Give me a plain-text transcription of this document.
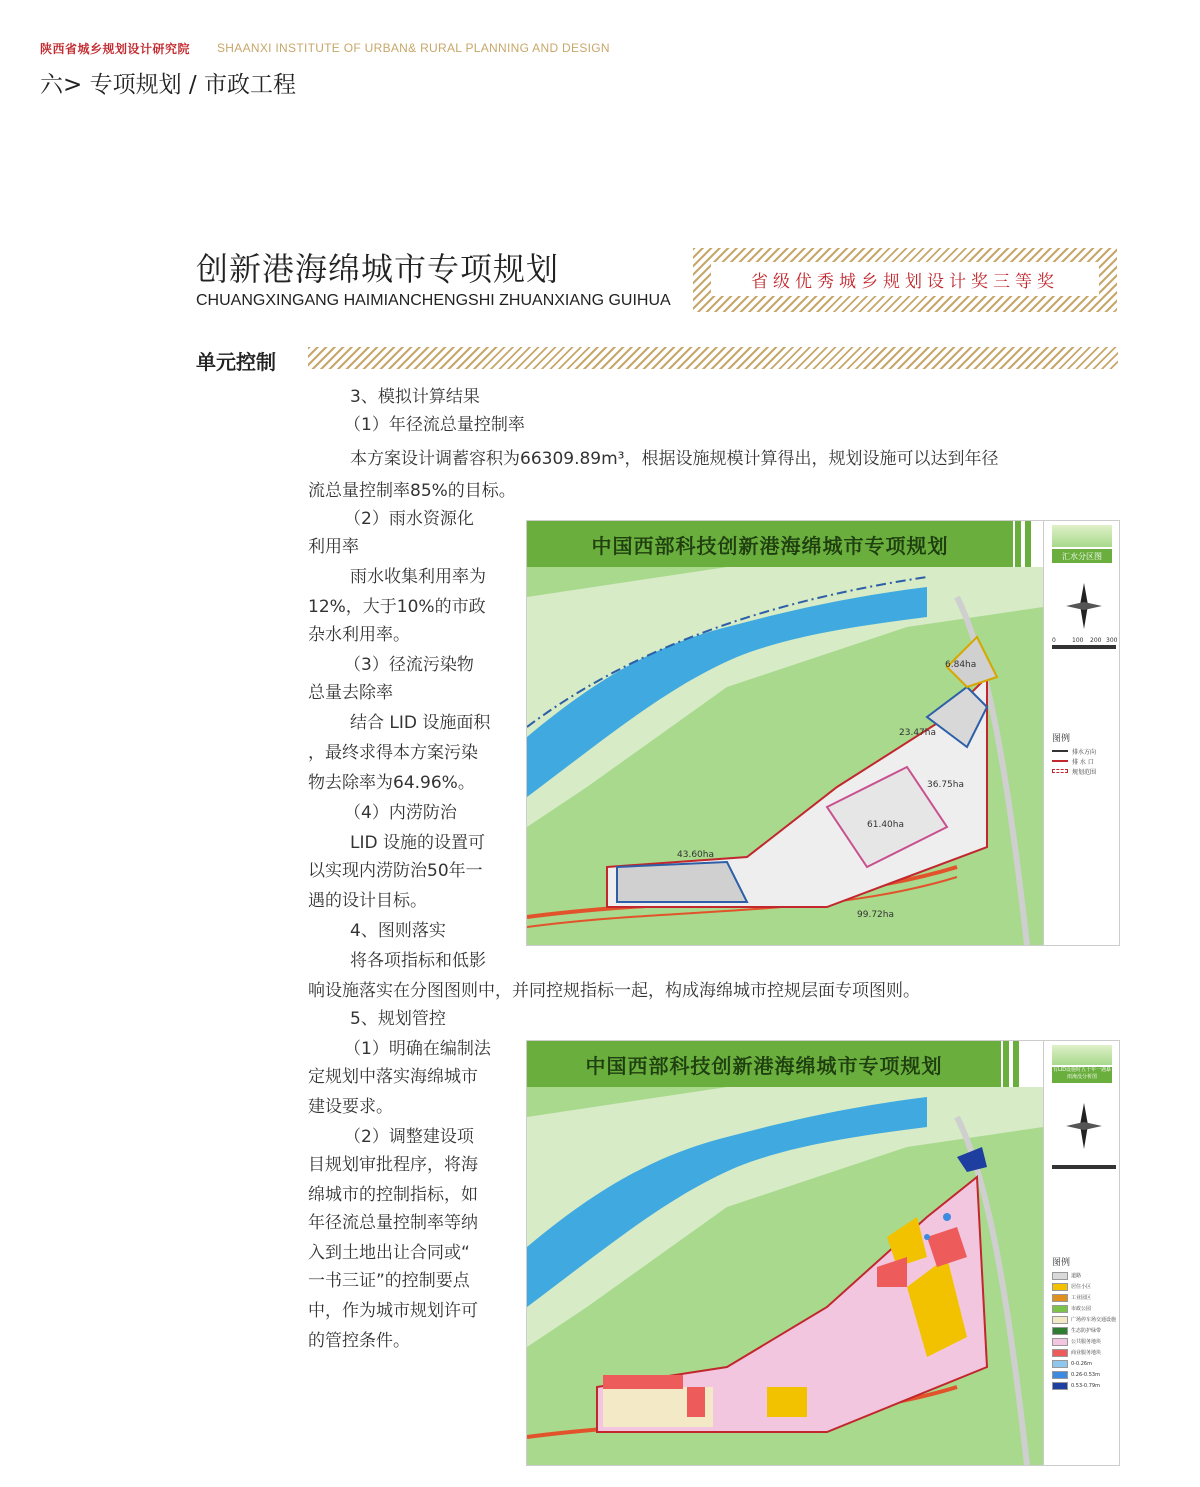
陕西省城乡规划设计研究院 SHAANXI INSTITUTE OF URBAN& RURAL PLANNING AND DESIGN
六> 专项规划 / 市政工程
创新港海绵城市专项规划
CHUANGXINGANG HAIMIANCHENGSHI ZHUANXIANG GUIHUA
省级优秀城乡规划设计奖三等奖
单元控制
3、模拟计算结果
（1）年径流总量控制率
本方案设计调蓄容积为66309.89m³，根据设施规模计算得出，规划设施可以达到年径
流总量控制率85%的目标。
（2）雨水资源化
利用率
雨水收集利用率为
12%，大于10%的市政
杂水利用率。
（3）径流污染物
总量去除率
结合 LID 设施面积
，最终求得本方案污染
物去除率为64.96%。
（4）内涝防治
LID 设施的设置可
以实现内涝防治50年一
遇的设计目标。
4、图则落实
将各项指标和低影
响设施落实在分图图则中，并同控规指标一起，构成海绵城市控规层面专项图则。
5、规划管控
（1）明确在编制法
定规划中落实海绵城市
建设要求。
（2）调整建设项
目规划审批程序，将海
绵城市的控制指标，如
年径流总量控制率等纳
入到土地出让合同或“
一书三证”的控制要点
中，作为城市规划许可
的管控条件。
中国西部科技创新港海绵城市专项规划
43.60ha
99.72ha
61.40ha
36.75ha
23.47ha
6.84ha
汇水分区图
0	100 200 300
图例
排水方向
排 水 口
规划范围
中国西部科技创新港海绵城市专项规划	有LID设施时五十年一遇暴雨淹没分析图
图例
道路
居住小区
工业园区
市政公园
广场停车场交通设施
生态防护绿带
公共服务地块
商业服务地块
0-0.26m
0.26-0.53m
0.53-0.79m
